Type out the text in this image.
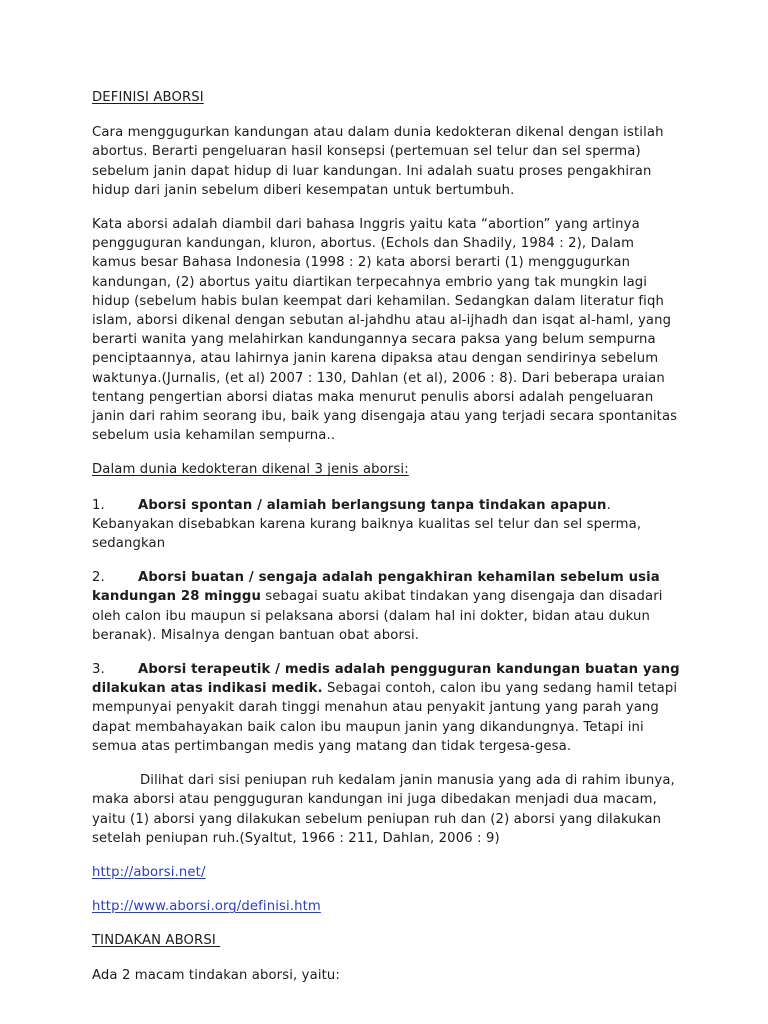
DEFINISI ABORSI

Cara menggugurkan kandungan atau dalam dunia kedokteran dikenal dengan istilah abortus. Berarti pengeluaran hasil konsepsi (pertemuan sel telur dan sel sperma) sebelum janin dapat hidup di luar kandungan. Ini adalah suatu proses pengakhiran hidup dari janin sebelum diberi kesempatan untuk bertumbuh.

Kata aborsi adalah diambil dari bahasa Inggris yaitu kata “abortion” yang artinya pengguguran kandungan, kluron, abortus. (Echols dan Shadily, 1984 : 2), Dalam kamus besar Bahasa Indonesia (1998 : 2) kata aborsi berarti (1) menggugurkan kandungan, (2) abortus yaitu diartikan terpecahnya embrio yang tak mungkin lagi hidup (sebelum habis bulan keempat dari kehamilan. Sedangkan dalam literatur fiqh islam, aborsi dikenal dengan sebutan al-jahdhu atau al-ijhadh dan isqat al-haml, yang berarti wanita yang melahirkan kandungannya secara paksa yang belum sempurna penciptaannya, atau lahirnya janin karena dipaksa atau dengan sendirinya sebelum waktunya.(Jurnalis, (et al) 2007 : 130, Dahlan (et al), 2006 : 8). Dari beberapa uraian tentang pengertian aborsi diatas maka menurut penulis aborsi adalah pengeluaran janin dari rahim seorang ibu, baik yang disengaja atau yang terjadi secara spontanitas sebelum usia kehamilan sempurna..

Dalam dunia kedokteran dikenal 3 jenis aborsi:

1.	Aborsi spontan / alamiah berlangsung tanpa tindakan apapun. Kebanyakan disebabkan karena kurang baiknya kualitas sel telur dan sel sperma, sedangkan

2.	Aborsi buatan / sengaja adalah pengakhiran kehamilan sebelum usia kandungan 28 minggu sebagai suatu akibat tindakan yang disengaja dan disadari oleh calon ibu maupun si pelaksana aborsi (dalam hal ini dokter, bidan atau dukun beranak). Misalnya dengan bantuan obat aborsi.

3.	Aborsi terapeutik / medis adalah pengguguran kandungan buatan yang dilakukan atas indikasi medik. Sebagai contoh, calon ibu yang sedang hamil tetapi mempunyai penyakit darah tinggi menahun atau penyakit jantung yang parah yang dapat membahayakan baik calon ibu maupun janin yang dikandungnya. Tetapi ini semua atas pertimbangan medis yang matang dan tidak tergesa-gesa.

Dilihat dari sisi peniupan ruh kedalam janin manusia yang ada di rahim ibunya, maka aborsi atau pengguguran kandungan ini juga dibedakan menjadi dua macam, yaitu (1) aborsi yang dilakukan sebelum peniupan ruh dan (2) aborsi yang dilakukan setelah peniupan ruh.(Syaltut, 1966 : 211, Dahlan, 2006 : 9)

http://aborsi.net/
http://www.aborsi.org/definisi.htm
TINDAKAN ABORSI

Ada 2 macam tindakan aborsi, yaitu:
